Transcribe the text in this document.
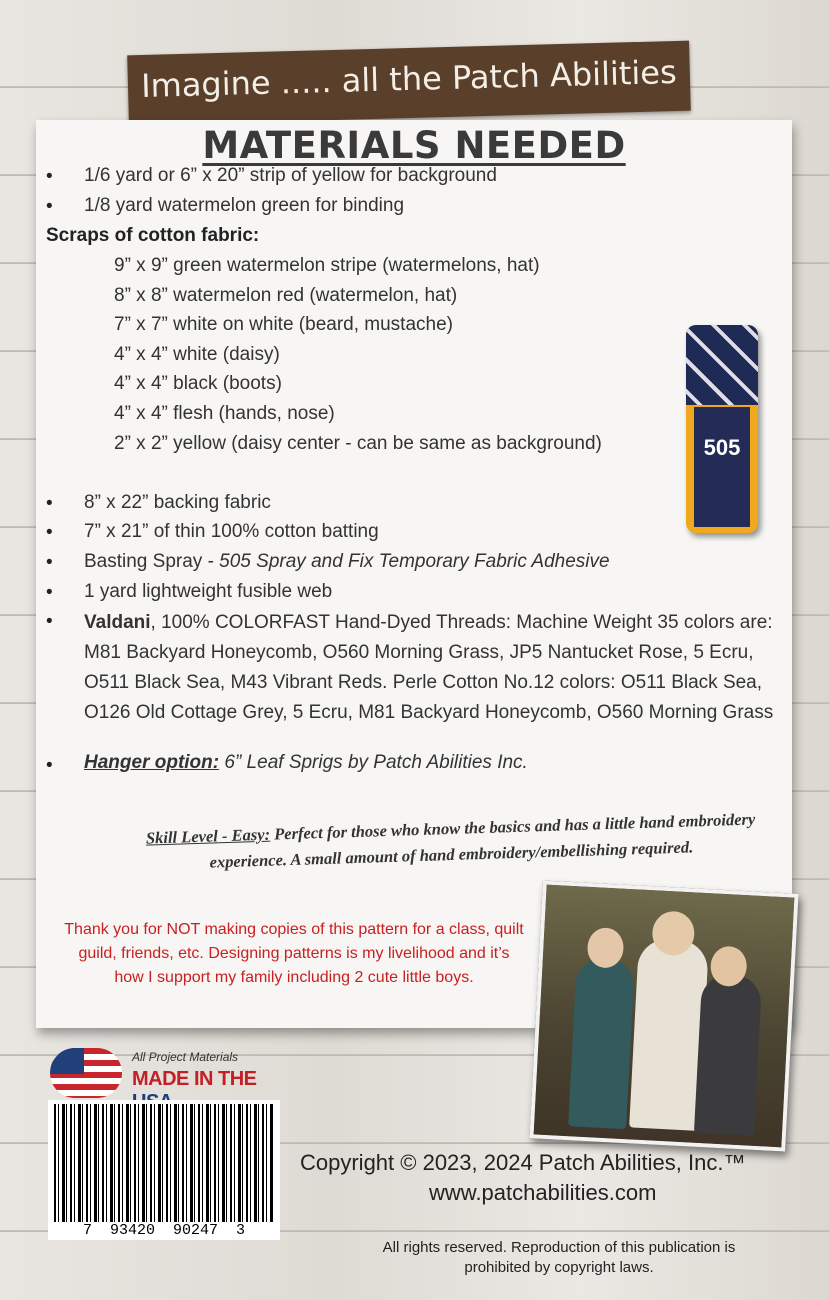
Imagine ..... all the Patch Abilities
MATERIALS NEEDED
• 1/6 yard or 6” x 20” strip of yellow for background
• 1/8 yard watermelon green for binding
Scraps of cotton fabric:
9” x 9” green watermelon stripe (watermelons, hat)
8” x 8” watermelon red (watermelon, hat)
7” x 7” white on white (beard, mustache)
4” x 4” white (daisy)
4” x 4” black (boots)
4” x 4” flesh (hands, nose)
2” x 2” yellow (daisy center - can be same as background)
• 8” x 22” backing fabric
• 7” x 21” of thin 100% cotton batting
• Basting Spray - 505 Spray and Fix Temporary Fabric Adhesive
• 1 yard lightweight fusible web
• Valdani, 100% COLORFAST Hand-Dyed Threads: Machine Weight 35 colors are: M81 Backyard Honeycomb, O560 Morning Grass, JP5 Nantucket Rose, 5 Ecru, O511 Black Sea, M43 Vibrant Reds. Perle Cotton No.12 colors: O511 Black Sea, O126 Old Cottage Grey, 5 Ecru, M81 Backyard Honeycomb, O560 Morning Grass
• Hanger option: 6” Leaf Sprigs by Patch Abilities Inc.
Skill Level - Easy: Perfect for those who know the basics and has a little hand embroidery experience. A small amount of hand embroidery/embellishing required.
Thank you for NOT making copies of this pattern for a class, quilt guild, friends, etc. Designing patterns is my livelihood and it’s how I support my family including 2 cute little boys.
505
All Project Materials
MADE IN THE
7  93420  90247  3
Copyright © 2023, 2024 Patch Abilities, Inc.™
www.patchabilities.com
All rights reserved. Reproduction of this publication is prohibited by copyright laws.
